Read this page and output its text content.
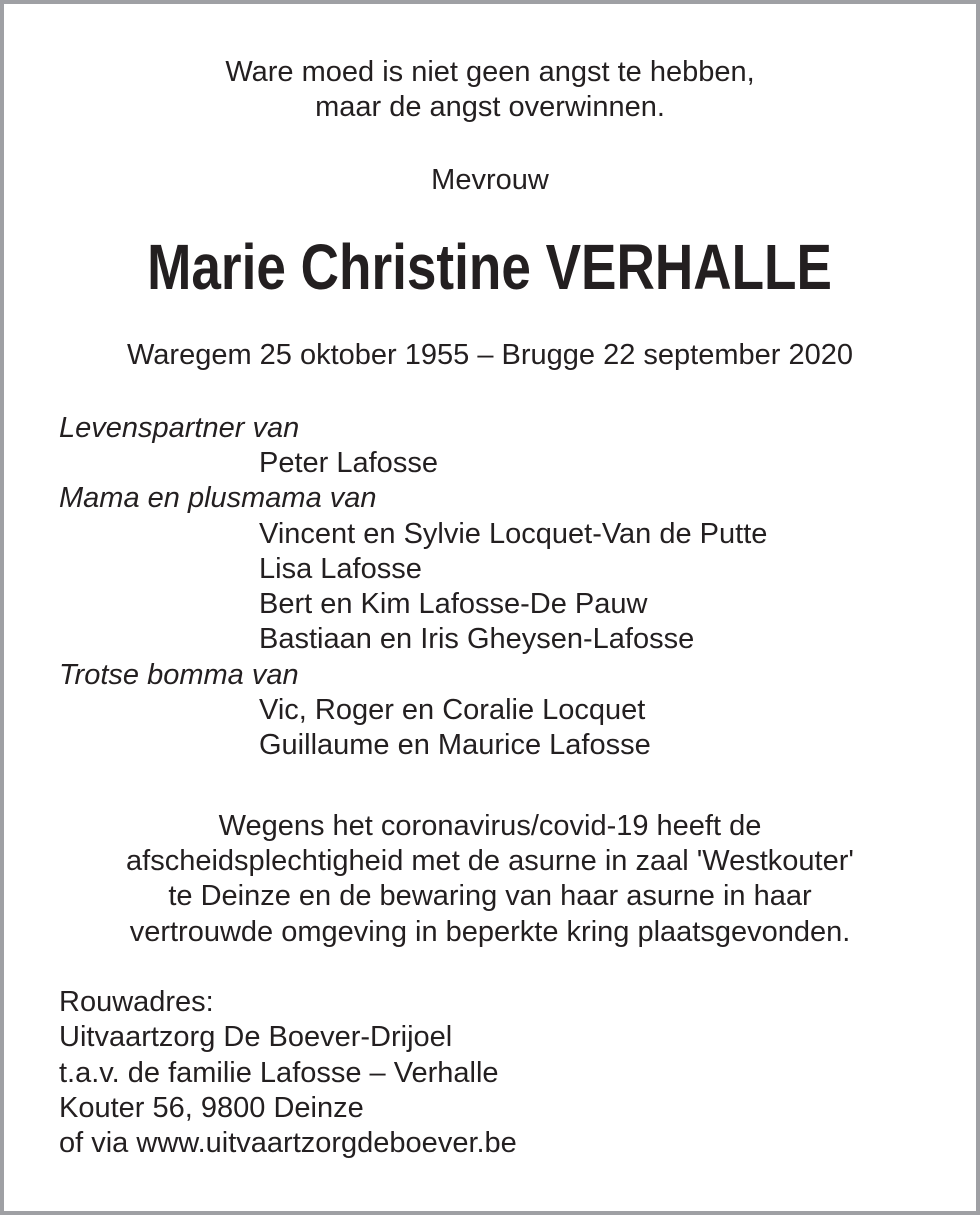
Ware moed is niet geen angst te hebben,
maar de angst overwinnen.
Mevrouw
Marie Christine VERHALLE
Waregem 25 oktober 1955 – Brugge 22 september 2020
Levenspartner van
Peter Lafosse
Mama en plusmama van
Vincent en Sylvie Locquet-Van de Putte
Lisa Lafosse
Bert en Kim Lafosse-De Pauw
Bastiaan en Iris Gheysen-Lafosse
Trotse bomma van
Vic, Roger en Coralie Locquet
Guillaume en Maurice Lafosse
Wegens het coronavirus/covid-19 heeft de
afscheidsplechtigheid met de asurne in zaal 'Westkouter'
te Deinze en de bewaring van haar asurne in haar
vertrouwde omgeving in beperkte kring plaatsgevonden.
Rouwadres:
Uitvaartzorg De Boever-Drijoel
t.a.v. de familie Lafosse – Verhalle
Kouter 56, 9800 Deinze
of via www.uitvaartzorgdeboever.be
